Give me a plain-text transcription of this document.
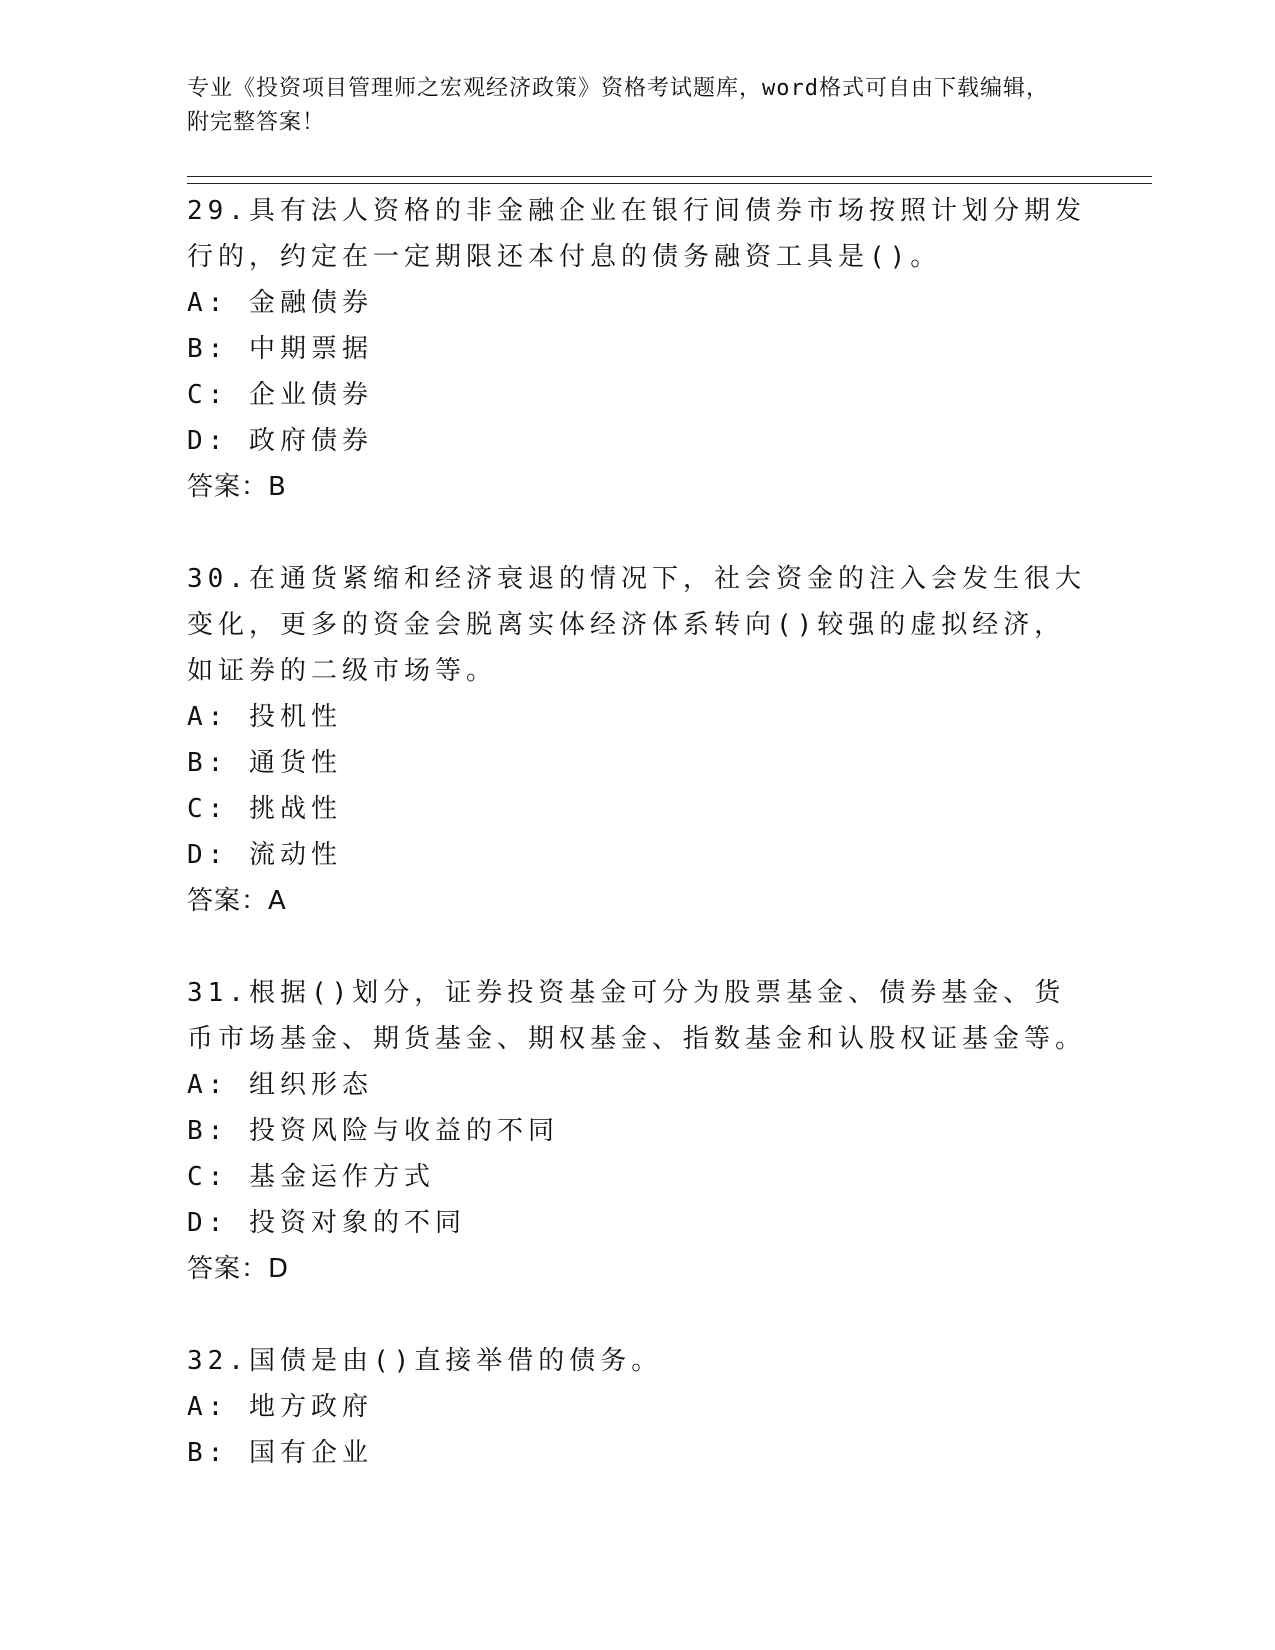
专业《投资项目管理师之宏观经济政策》资格考试题库，word格式可自由下载编辑，附完整答案！

29.具有法人资格的非金融企业在银行间债券市场按照计划分期发行的，约定在一定期限还本付息的债务融资工具是()。

A: 金融债券

B: 中期票据

C: 企业债券

D: 政府债券

答案：B

30.在通货紧缩和经济衰退的情况下，社会资金的注入会发生很大变化，更多的资金会脱离实体经济体系转向()较强的虚拟经济，如证券的二级市场等。

A: 投机性

B: 通货性

C: 挑战性

D: 流动性

答案：A

31.根据()划分，证券投资基金可分为股票基金、债券基金、货币市场基金、期货基金、期权基金、指数基金和认股权证基金等。

A: 组织形态

B: 投资风险与收益的不同

C: 基金运作方式

D: 投资对象的不同

答案：D

32.国债是由()直接举借的债务。

A: 地方政府

B: 国有企业
